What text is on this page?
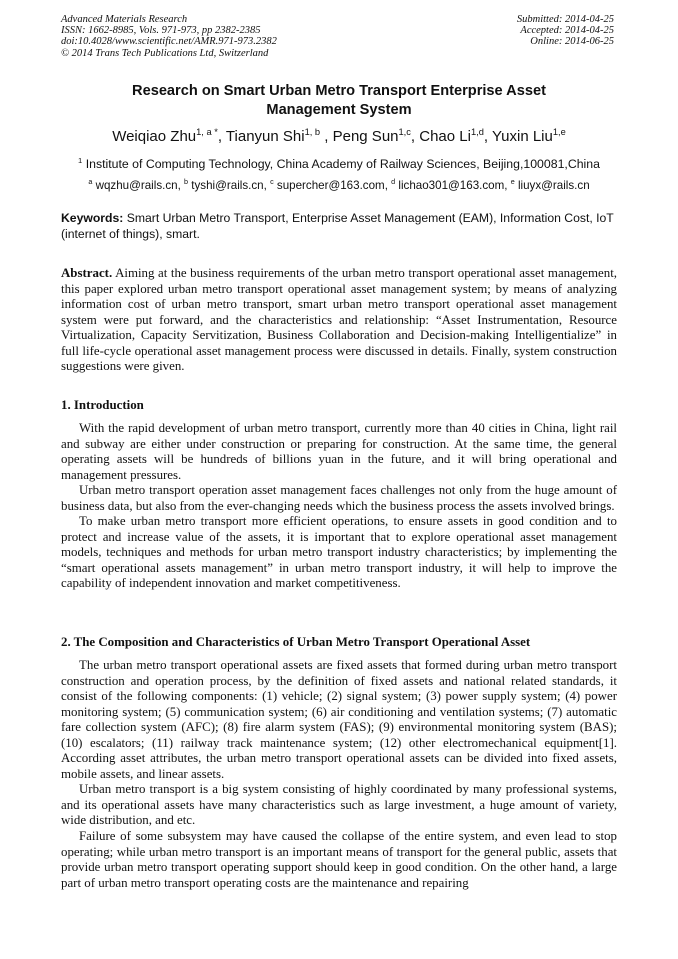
Advanced Materials Research
ISSN: 1662-8985, Vols. 971-973, pp 2382-2385
doi:10.4028/www.scientific.net/AMR.971-973.2382
© 2014 Trans Tech Publications Ltd, Switzerland
Submitted: 2014-04-25
Accepted: 2014-04-25
Online: 2014-06-25
Research on Smart Urban Metro Transport Enterprise Asset
Management System
Weiqiao Zhu$^{1, a *}$, Tianyun Shi$^{1, b}$ , Peng Sun$^{1,c}$, Chao Li$^{1,d}$, Yuxin Liu$^{1,e}$
$^1$ Institute of Computing Technology, China Academy of Railway Sciences, Beijing,100081,China
$^a$ wqzhu@rails.cn, $^b$ tyshi@rails.cn, $^c$ supercher@163.com, $^d$ lichao301@163.com, $^e$ liuyx@rails.cn
Keywords: Smart Urban Metro Transport, Enterprise Asset Management (EAM), Information Cost, IoT (internet of things), smart.

Abstract. Aiming at the business requirements of the urban metro transport operational asset management, this paper explored urban metro transport operational asset management system; by means of analyzing information cost of urban metro transport, smart urban metro transport operational asset management system were put forward, and the characteristics and relationship: “Asset Instrumentation, Resource Virtualization, Capacity Servitization, Business Collaboration and Decision-making Intelligentialize” in full life-cycle operational asset management process were discussed in details. Finally, system construction suggestions were given.

1. Introduction

With the rapid development of urban metro transport, currently more than 40 cities in China, light rail and subway are either under construction or preparing for construction. At the same time, the general operating assets will be hundreds of billions yuan in the future, and it will bring operational and management pressures.

Urban metro transport operation asset management faces challenges not only from the huge amount of business data, but also from the ever-changing needs which the business process the assets involved brings.

To make urban metro transport more efficient operations, to ensure assets in good condition and to protect and increase value of the assets, it is important that to explore operational asset management models, techniques and methods for urban metro transport industry characteristics; by implementing the “smart operational assets management” in urban metro transport industry, it will help to improve the capability of independent innovation and market competitiveness.

2. The Composition and Characteristics of Urban Metro Transport Operational Asset

The urban metro transport operational assets are fixed assets that formed during urban metro transport construction and operation process, by the definition of fixed assets and national related standards, it consist of the following components: (1) vehicle; (2) signal system; (3) power supply system; (4) power monitoring system; (5) communication system; (6) air conditioning and ventilation systems; (7) automatic fare collection system (AFC); (8) fire alarm system (FAS); (9) environmental monitoring system (BAS); (10) escalators; (11) railway track maintenance system; (12) other electromechanical equipment[1]. According asset attributes, the urban metro transport operational assets can be divided into fixed assets, mobile assets, and linear assets.

Urban metro transport is a big system consisting of highly coordinated by many professional systems, and its operational assets have many characteristics such as large investment, a huge amount of variety, wide distribution, and etc.

Failure of some subsystem may have caused the collapse of the entire system, and even lead to stop operating; while urban metro transport is an important means of transport for the general public, assets that provide urban metro transport operating support should keep in good condition. On the other hand, a large part of urban metro transport operating costs are the maintenance and repairing
